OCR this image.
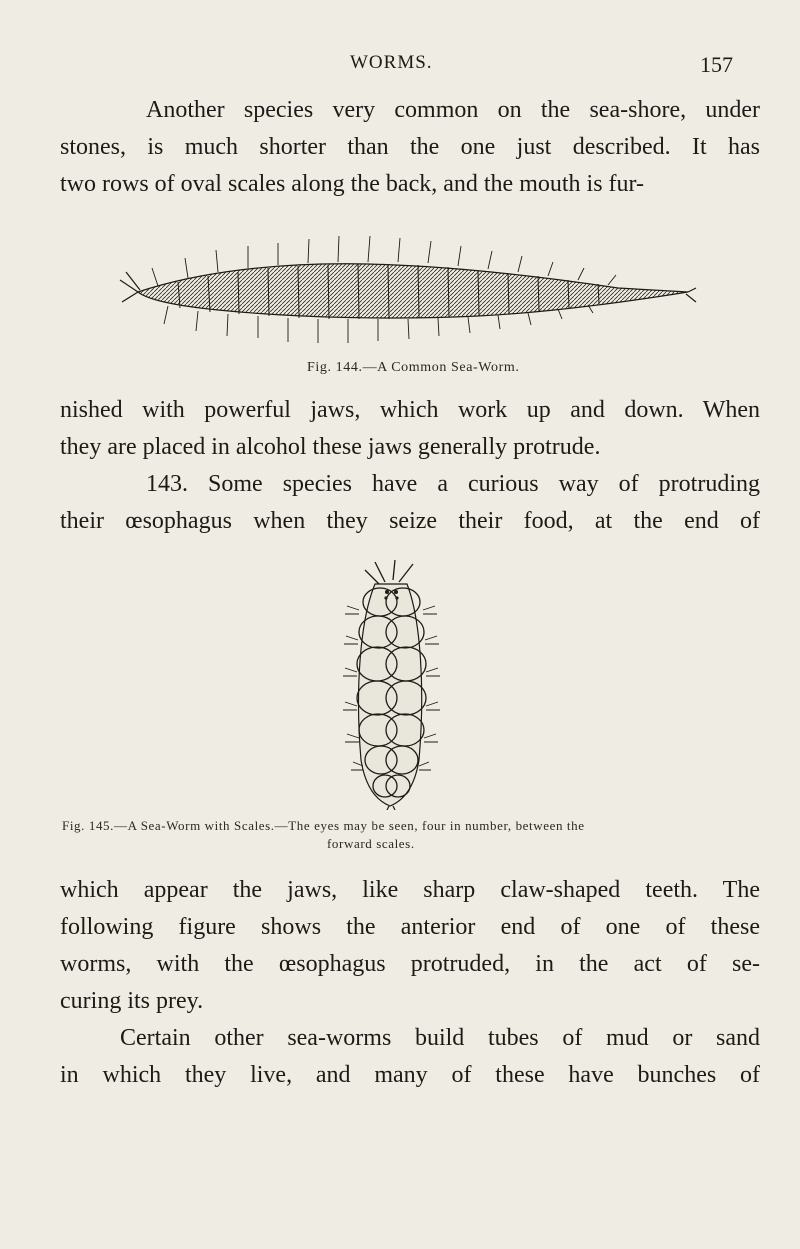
WORMS.	157
Another species very common on the sea-shore, under
stones, is much shorter than the one just described. It has
two rows of oval scales along the back, and the mouth is fur-
Fig. 144.—A Common Sea-Worm.
nished with powerful jaws, which work up and down. When
they are placed in alcohol these jaws generally protrude.
143. Some species have a curious way of protruding
their œsophagus when they seize their food, at the end of
Fig. 145.—A Sea-Worm with Scales.—The eyes may be seen, four in number, between the
forward scales.
which appear the jaws, like sharp claw-shaped teeth. The
following figure shows the anterior end of one of these
worms, with the œsophagus protruded, in the act of se-
curing its prey.
Certain other sea-worms build tubes of mud or sand
in which they live, and many of these have bunches of
